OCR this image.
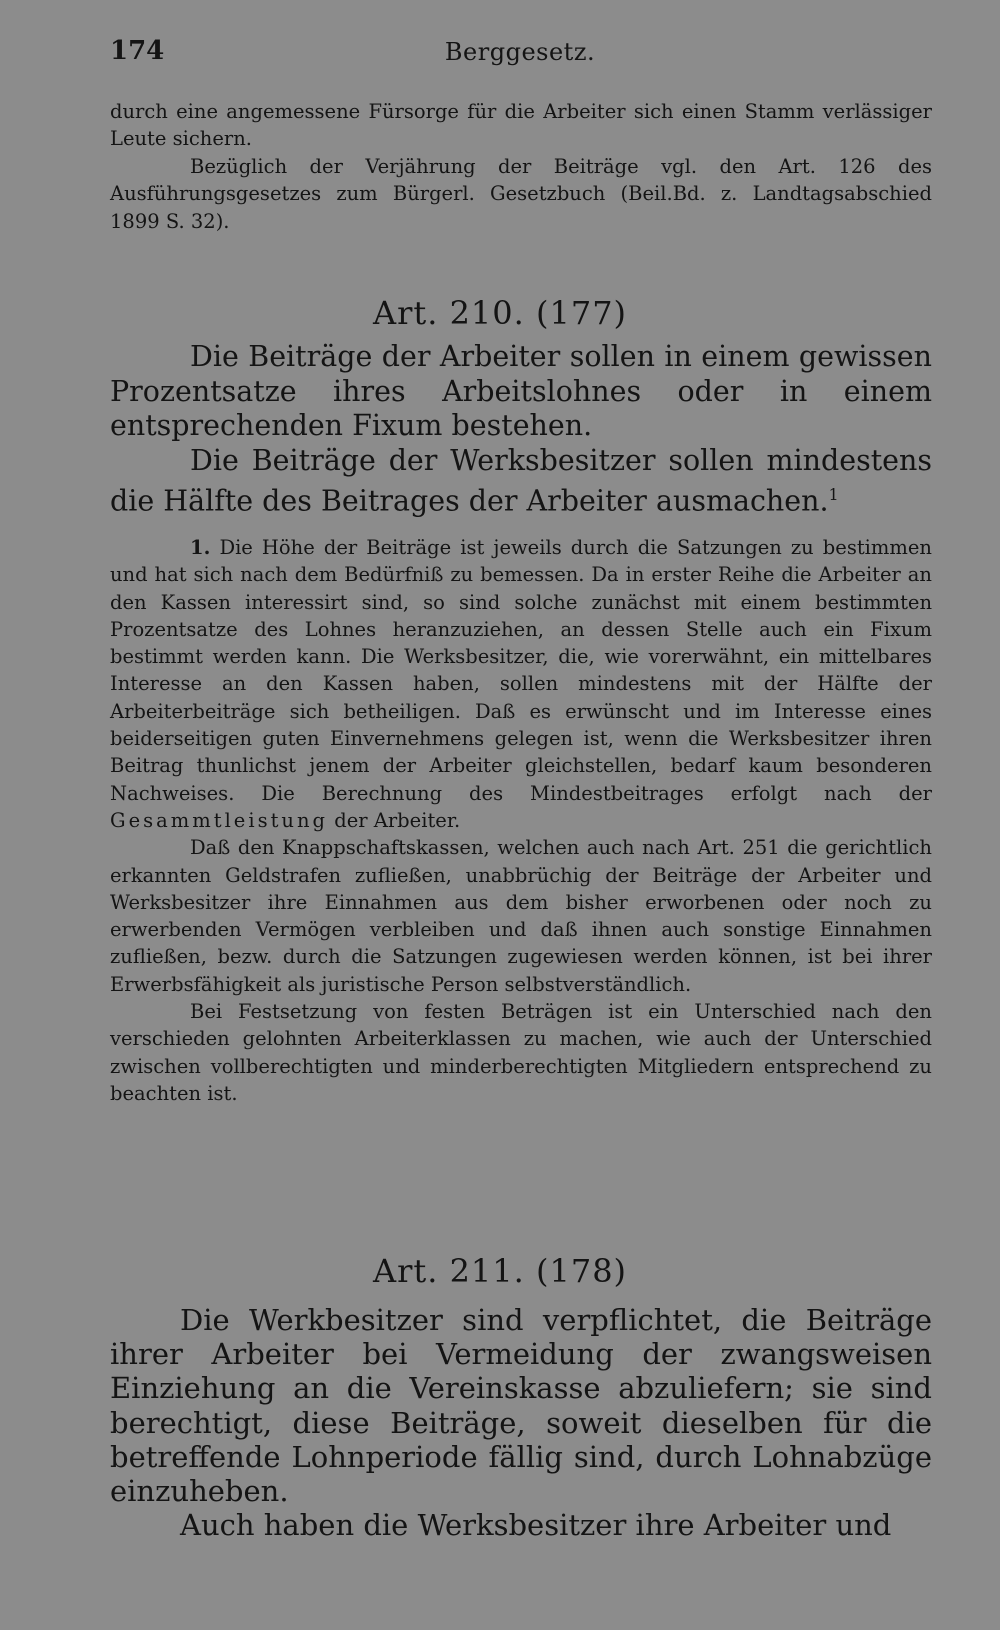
174	Berggesetz.

durch eine angemessene Fürsorge für die Arbeiter sich einen Stamm verlässiger Leute sichern.

Bezüglich der Verjährung der Beiträge vgl. den Art. 126 des Ausführungsgesetzes zum Bürgerl. Gesetzbuch (Beil.Bd. z. Landtagsabschied 1899 S. 32).

Art. 210. (177)

Die Beiträge der Arbeiter sollen in einem gewissen Prozentsatze ihres Arbeitslohnes oder in einem entsprechenden Fixum bestehen.

Die Beiträge der Werksbesitzer sollen mindestens die Hälfte des Beitrages der Arbeiter ausmachen.$^1$

1. Die Höhe der Beiträge ist jeweils durch die Satzungen zu bestimmen und hat sich nach dem Bedürfniß zu bemessen. Da in erster Reihe die Arbeiter an den Kassen interessirt sind, so sind solche zunächst mit einem bestimmten Prozentsatze des Lohnes heranzuziehen, an dessen Stelle auch ein Fixum bestimmt werden kann. Die Werksbesitzer, die, wie vorerwähnt, ein mittelbares Interesse an den Kassen haben, sollen mindestens mit der Hälfte der Arbeiterbeiträge sich betheiligen. Daß es erwünscht und im Interesse eines beiderseitigen guten Einvernehmens gelegen ist, wenn die Werksbesitzer ihren Beitrag thunlichst jenem der Arbeiter gleichstellen, bedarf kaum besonderen Nachweises. Die Berechnung des Mindestbeitrages erfolgt nach der Gesammtleistung der Arbeiter.

Daß den Knappschaftskassen, welchen auch nach Art. 251 die gerichtlich erkannten Geldstrafen zufließen, unabbrüchig der Beiträge der Arbeiter und Werksbesitzer ihre Einnahmen aus dem bisher erworbenen oder noch zu erwerbenden Vermögen verbleiben und daß ihnen auch sonstige Einnahmen zufließen, bezw. durch die Satzungen zugewiesen werden können, ist bei ihrer Erwerbsfähigkeit als juristische Person selbstverständlich.

Bei Festsetzung von festen Beträgen ist ein Unterschied nach den verschieden gelohnten Arbeiterklassen zu machen, wie auch der Unterschied zwischen vollberechtigten und minderberechtigten Mitgliedern entsprechend zu beachten ist.

Art. 211. (178)

Die Werkbesitzer sind verpflichtet, die Beiträge ihrer Arbeiter bei Vermeidung der zwangsweisen Einziehung an die Vereinskasse abzuliefern; sie sind berechtigt, diese Beiträge, soweit dieselben für die betreffende Lohnperiode fällig sind, durch Lohnabzüge einzuheben.

Auch haben die Werksbesitzer ihre Arbeiter und
